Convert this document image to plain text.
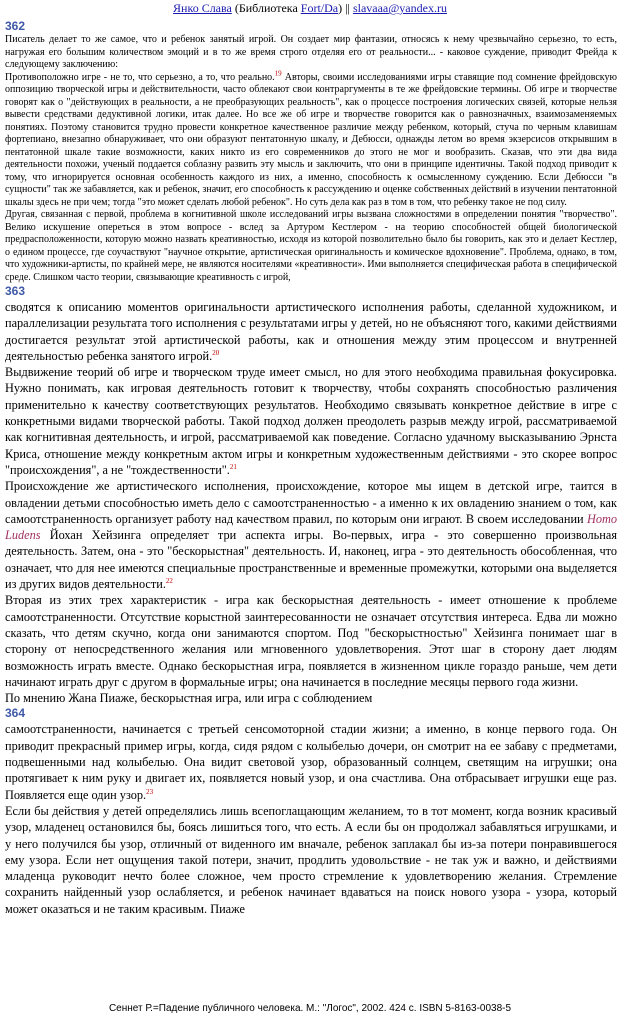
Янко Слава (Библиотека Fort/Da) || slavaaa@yandex.ru
362

Писатель делает то же самое, что и ребенок занятый игрой. Он создает мир фантазии, относясь к нему чрезвычайно серьезно, то есть, нагружая его большим количеством эмоций и в то же время строго отделяя его от реальности... - каковое суждение, приводит Фрейда к следующему заключению:

Противоположно игре - не то, что серьезно, а то, что реально.$^{19}$ Авторы, своими исследованиями игры ставящие под сомнение фрейдовскую оппозицию творческой игры и действительности, часто облекают свои контраргументы в те же фрейдовские термины. Об игре и творчестве говорят как о "действующих в реальности, а не преобразующих реальность", как о процессе построения логических связей, которые нельзя вывести средствами дедуктивной логики, итак далее. Но все же об игре и творчестве говорится как о равнозначных, взаимозаменяемых понятиях. Поэтому становится трудно провести конкретное качественное различие между ребенком, который, стуча по черным клавишам фортепиано, внезапно обнаруживает, что они образуют пентатонную шкалу, и Дебюсси, однажды летом во время экзерсисов открывшим в пентатонной шкале такие возможности, каких никто из его современников до этого не мог и вообразить. Сказав, что эти два вида деятельности похожи, ученый поддается соблазну развить эту мысль и заключить, что они в принципе идентичны. Такой подход приводит к тому, что игнорируется основная особенность каждого из них, а именно, способность к осмысленному суждению. Если Дебюсси "в сущности" так же забавляется, как и ребенок, значит, его способность к рассуждению и оценке собственных действий в изучении пентатонной шкалы здесь не при чем; тогда "это может сделать любой ребенок". Но суть дела как раз в том в том, что ребенку такое не под силу.

Другая, связанная с первой, проблема в когнитивной школе исследований игры вызвана сложностями в определении понятия "творчество". Велико искушение опереться в этом вопросе - вслед за Артуром Кестлером - на теорию способностей общей биологической предрасположенности, которую можно назвать креативностью, исходя из которой позволительно было бы говорить, как это и делает Кестлер, о едином процессе, где соучаствуют "научное открытие, артистическая оригинальность и комическое вдохновение". Проблема, однако, в том, что художники-артисты, по крайней мере, не являются носителями «креативности». Ими выполняется специфическая работа в специфической среде. Слишком часто теории, связывающие креативность с игрой,

363

сводятся к описанию моментов оригинальности артистического исполнения работы, сделанной художником, и параллелизации результата того исполнения с результатами игры у детей, но не объясняют того, какими действиями достигается результат этой артистической работы, как и отношения между этим процессом и внутренней деятельностью ребенка занятого игрой.$^{20}$

Выдвижение теорий об игре и творческом труде имеет смысл, но для этого необходима правильная фокусировка. Нужно понимать, как игровая деятельность готовит к творчеству, чтобы сохранять способностью различения применительно к качеству соответствующих результатов. Необходимо связывать конкретное действие в игре с конкретными видами творческой работы. Такой подход должен преодолеть разрыв между игрой, рассматриваемой как когнитивная деятельность, и игрой, рассматриваемой как поведение. Согласно удачному высказыванию Эрнста Криса, отношение между конкретным актом игры и конкретным художественным действиями - это скорее вопрос "происхождения", а не "тождественности".$^{21}$

Происхождение же артистического исполнения, происхождение, которое мы ищем в детской игре, таится в овладении детьми способностью иметь дело с самоотстраненностью - а именно к их овладению знанием о том, как самоотстраненность организует работу над качеством правил, по которым они играют. В своем исследовании Homo Ludens Йохан Хейзинга определяет три аспекта игры. Во-первых, игра - это совершенно произвольная деятельность. Затем, она - это "бескорыстная" деятельность. И, наконец, игра - это деятельность обособленная, что означает, что для нее имеются специальные пространственные и временные промежутки, которыми она выделяется из других видов деятельности.$^{22}$

Вторая из этих трех характеристик - игра как бескорыстная деятельность - имеет отношение к проблеме самоотстраненности. Отсутствие корыстной заинтересованности не означает отсутствия интереса. Едва ли можно сказать, что детям скучно, когда они занимаются спортом. Под "бескорыстностью" Хейзинга понимает шаг в сторону от непосредственного желания или мгновенного удовлетворения. Этот шаг в сторону дает людям возможность играть вместе. Однако бескорыстная игра, появляется в жизненном цикле гораздо раньше, чем дети начинают играть друг с другом в формальные игры; она начинается в последние месяцы первого года жизни.

По мнению Жана Пиаже, бескорыстная игра, или игра с соблюдением

364

самоотстраненности, начинается с третьей сенсомоторной стадии жизни; а именно, в конце первого года. Он приводит прекрасный пример игры, когда, сидя рядом с колыбелью дочери, он смотрит на ее забаву с предметами, подвешенными над колыбелью. Она видит световой узор, образованный солнцем, светящим на игрушки; она протягивает к ним руку и двигает их, появляется новый узор, и она счастлива. Она отбрасывает игрушки еще раз. Появляется еще один узор.$^{23}$

Если бы действия у детей определялись лишь всепоглащающим желанием, то в тот момент, когда возник красивый узор, младенец остановился бы, боясь лишиться того, что есть. А если бы он продолжал забавляться игрушками, и у него получился бы узор, отличный от виденного им вначале, ребенок заплакал бы из-за потери понравившегося ему узора. Если нет ощущения такой потери, значит, продлить удовольствие - не так уж и важно, и действиями младенца руководит нечто более сложное, чем просто стремление к удовлетворению желания. Стремление сохранить найденный узор ослабляется, и ребенок начинает вдаваться на поиск нового узора - узора, который может оказаться и не таким красивым. Пиаже

Сеннет Р.=Падение публичного человека. М.: "Логос", 2002. 424 с. ISBN 5-8163-0038-5
